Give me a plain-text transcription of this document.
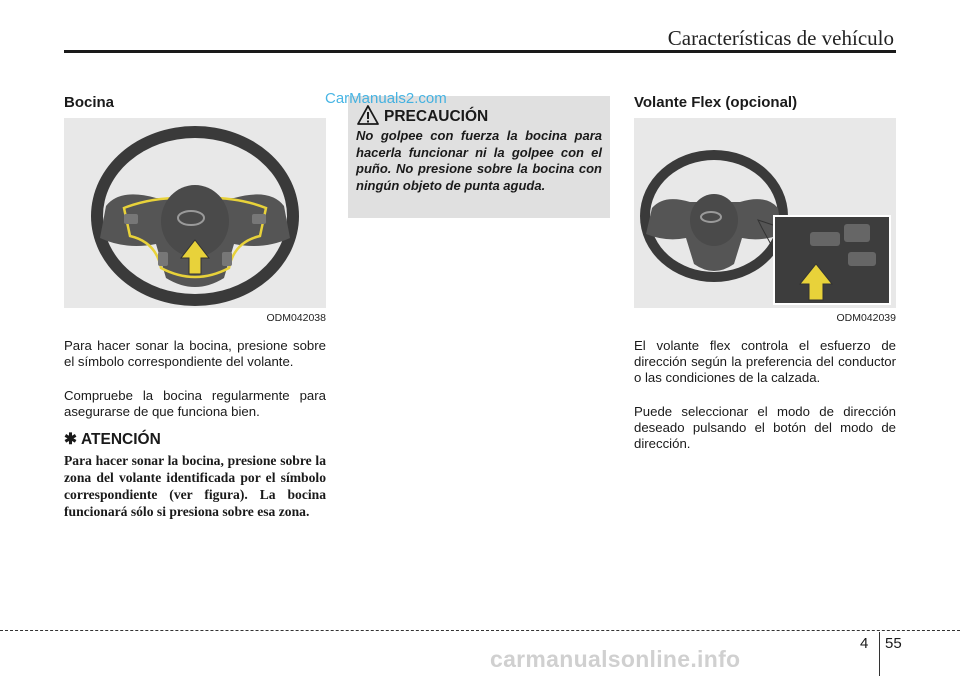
Características de vehículo
Bocina
ODM042038

Para hacer sonar la bocina, presione sobre el símbolo correspondiente del volante.

Compruebe la bocina regularmente para asegurarse de que funciona bien.

✱ ATENCIÓN

Para hacer sonar la bocina, presione sobre la zona del volante identificada por el símbolo correspondiente (ver figura). La bocina funcionará sólo si presiona sobre esa zona.

PRECAUCIÓN

No golpee con fuerza la bocina para hacerla funcionar ni la golpee con el puño. No presione sobre la bocina con ningún objeto de punta aguda.

CarManuals2.com	Volante Flex (opcional)
ODM042039

El volante flex controla el esfuerzo de dirección según la preferencia del conductor o las condiciones de la calzada.

Puede seleccionar el modo de dirección deseado pulsando el botón del modo de dirección.

4 55
carmanualsonline.info
